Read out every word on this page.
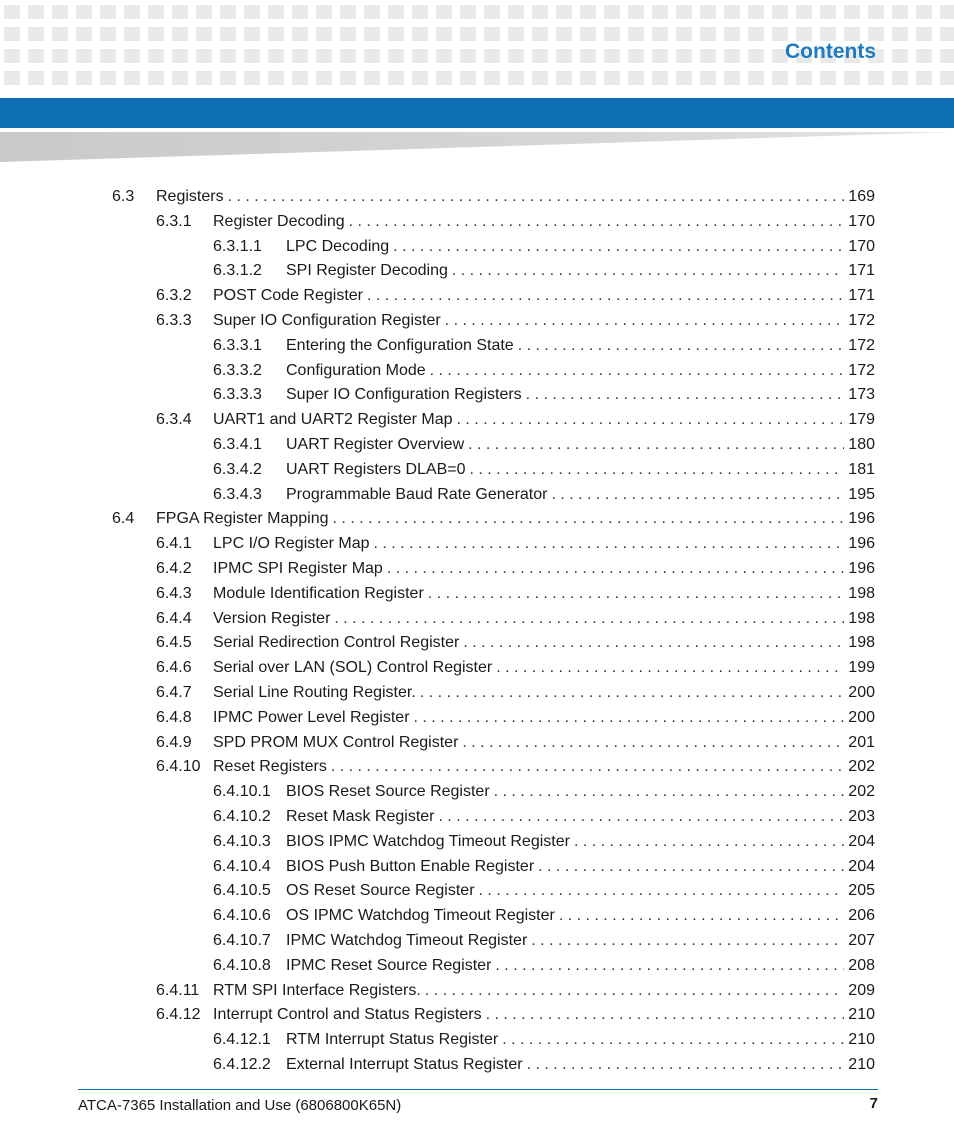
Contents
6.3	Registers . . .	169
6.3.1	Register Decoding . . .	170
6.3.1.1	LPC Decoding . . .	170
6.3.1.2	SPI Register Decoding . . .	171
6.3.2	POST Code Register . . .	171
6.3.3	Super IO Configuration Register . . .	172
6.3.3.1	Entering the Configuration State . . .	172
6.3.3.2	Configuration Mode . . .	172
6.3.3.3	Super IO Configuration Registers . . .	173
6.3.4	UART1 and UART2 Register Map . . .	179
6.3.4.1	UART Register Overview . . .	180
6.3.4.2	UART Registers DLAB=0 . . .	181
6.3.4.3	Programmable Baud Rate Generator . . .	195
6.4	FPGA Register Mapping . . .	196
6.4.1	LPC I/O Register Map . . .	196
6.4.2	IPMC SPI Register Map . . .	196
6.4.3	Module Identification Register . . .	198
6.4.4	Version Register . . .	198
6.4.5	Serial Redirection Control Register . . .	198
6.4.6	Serial over LAN (SOL) Control Register . . .	199
6.4.7	Serial Line Routing Register. . . .	200
6.4.8	IPMC Power Level Register . . .	200
6.4.9	SPD PROM MUX Control Register . . .	201
6.4.10 Reset Registers . . .	202
6.4.10.1 BIOS Reset Source Register . . .	202
6.4.10.2 Reset Mask Register . . .	203
6.4.10.3 BIOS IPMC Watchdog Timeout Register . . .	204
6.4.10.4 BIOS Push Button Enable Register . . .	204
6.4.10.5 OS Reset Source Register . . .	205
6.4.10.6 OS IPMC Watchdog Timeout Register . . .	206
6.4.10.7 IPMC Watchdog Timeout Register . . .	207
6.4.10.8 IPMC Reset Source Register . . .	208
6.4.11 RTM SPI Interface Registers. . . .	209
6.4.12 Interrupt Control and Status Registers . . .	210
6.4.12.1 RTM Interrupt Status Register . . .	210
6.4.12.2 External Interrupt Status Register . . .	210
ATCA-7365 Installation and Use (6806800K65N)	7
